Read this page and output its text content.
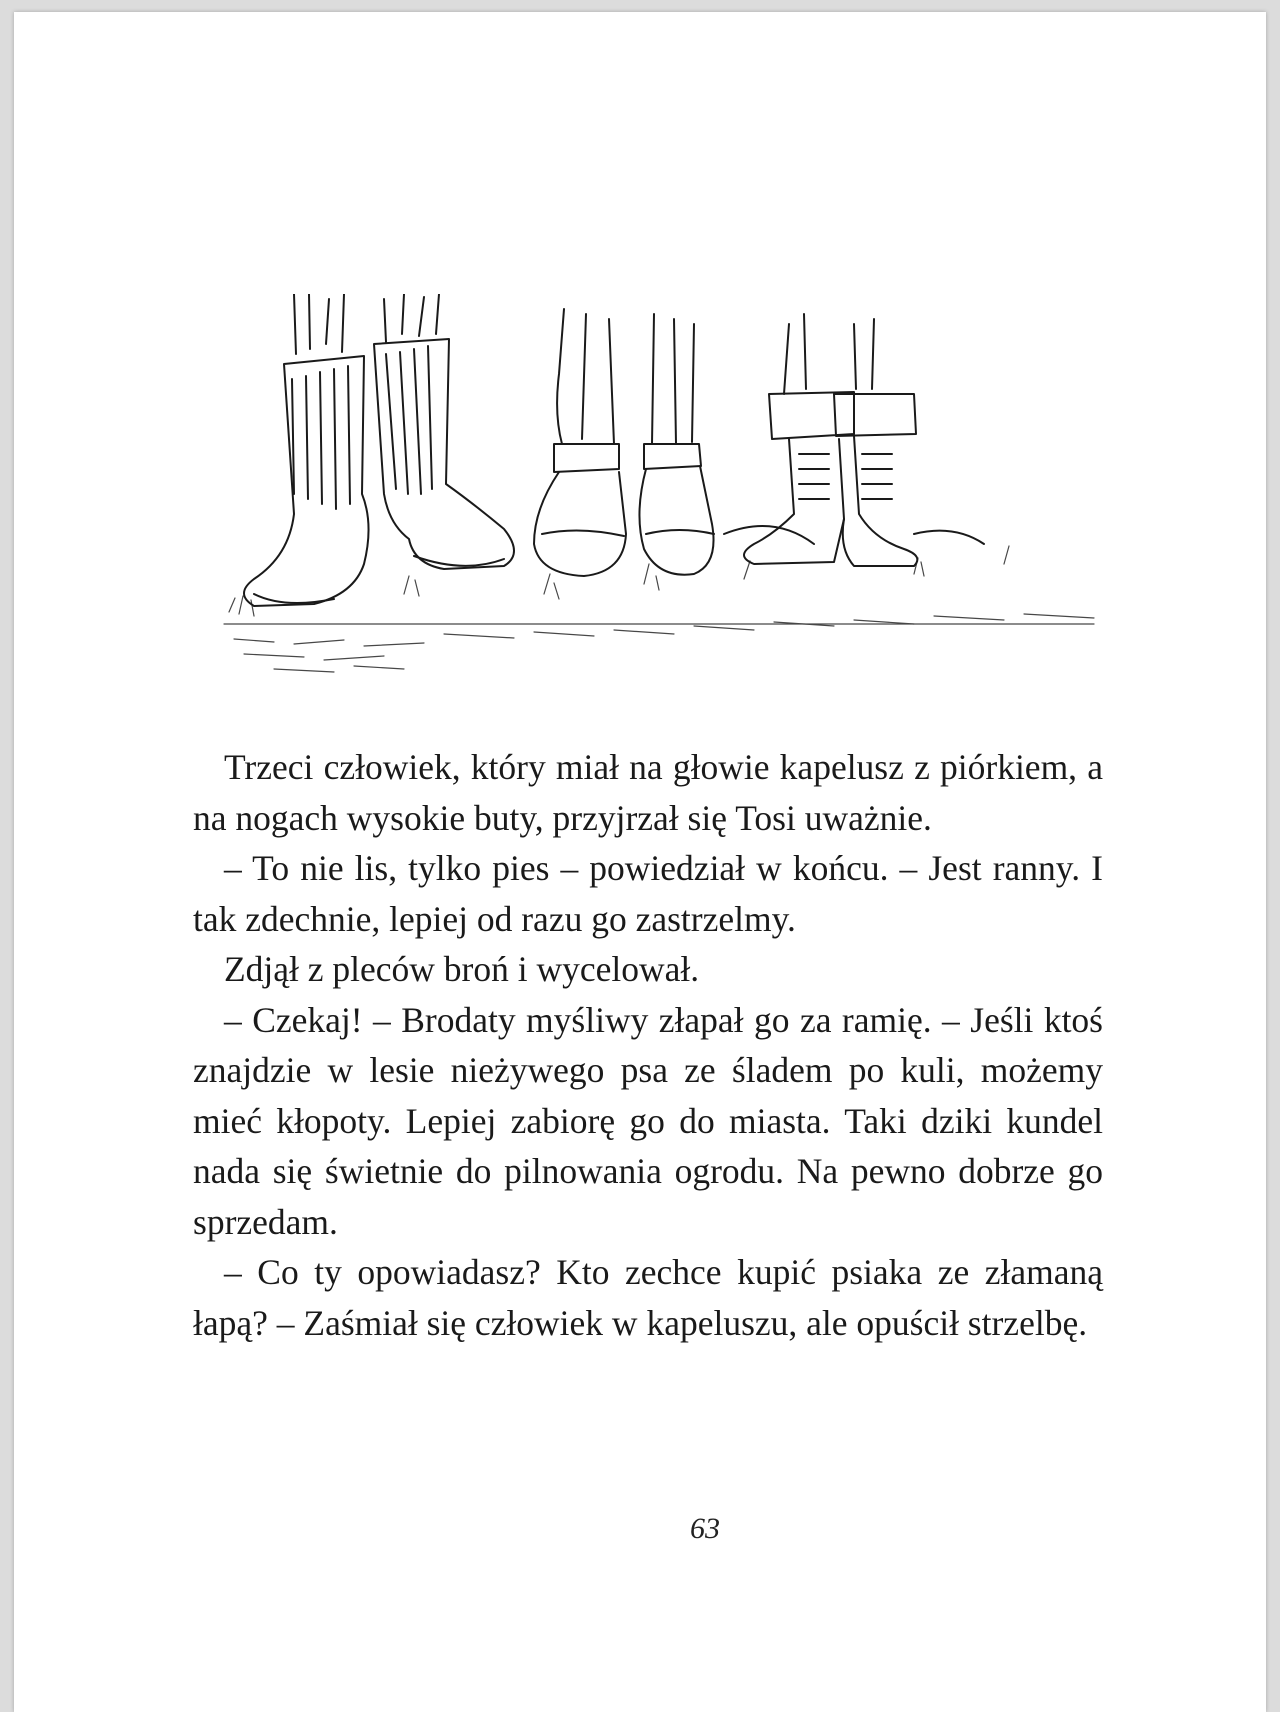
Trzeci człowiek, który miał na głowie kapelusz z piórkiem, a na nogach wysokie buty, przyjrzał się Tosi uważnie.

– To nie lis, tylko pies – powiedział w końcu. – Jest ranny. I tak zdechnie, lepiej od razu go zastrzelmy.

Zdjął z pleców broń i wycelował.

– Czekaj! – Brodaty myśliwy złapał go za ramię. – Jeśli ktoś znajdzie w lesie nieżywego psa ze śladem po kuli, możemy mieć kłopoty. Lepiej zabiorę go do miasta. Taki dziki kundel nada się świetnie do pilnowania ogrodu. Na pewno dobrze go sprzedam.

– Co ty opowiadasz? Kto zechce kupić psiaka ze złamaną łapą? – Zaśmiał się człowiek w kapeluszu, ale opuścił strzelbę.

63
